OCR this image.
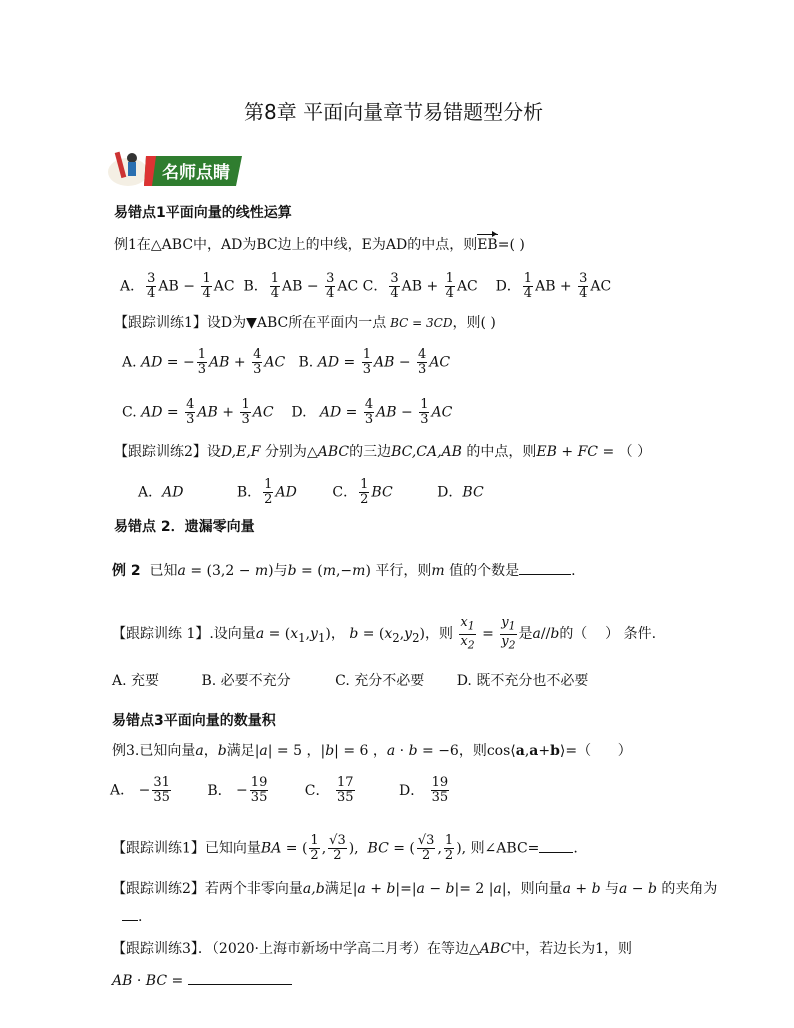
第8章 平面向量章节易错题型分析
名师点睛
易错点1平面向量的线性运算
例1在△ABC中，AD为BC边上的中线，E为AD的中点，则EB=( )
A． $\frac{3}{4}$ AB − $\frac{1}{4}$ AC  B． $\frac{1}{4}$ AB − $\frac{3}{4}$ AC C． $\frac{3}{4}$ AB + $\frac{1}{4}$ AC    D． $\frac{1}{4}$ AB + $\frac{3}{4}$ AC
【跟踪训练1】设D为▼ABC所在平面内一点 BC = 3CD，则( )
A. AD = − $\frac{1}{3}$ AB + $\frac{4}{3}$ AC   B. AD = $\frac{1}{3}$ AB − $\frac{4}{3}$ AC
C. AD = $\frac{4}{3}$ AB + $\frac{1}{3}$ AC    D.   AD = $\frac{4}{3}$ AB − $\frac{1}{3}$ AC
【跟踪训练2】设D,E,F 分别为△ABC的三边BC,CA,AB 的中点，则EB + FC = （ ）
A．AD            B． $\frac{1}{2}$ AD        C． $\frac{1}{2}$ BC          D．BC
易错点 2．遗漏零向量
例 2 已知a = (3,2 − m)与b = (m,−m) 平行，则m 值的个数是	.
【跟踪训练 1】.设向量$a = (x_1,y_1)$， $b = (x_2,y_2)$，则 $\frac{x_1}{x_2} = \frac{y_1}{y_2}$ 是a//b的（    ） 条件.
A. 充要	B. 必要不充分	C. 充分不必要 D. 既不充分也不必要
易错点3平面向量的数量积
例3.已知向量a，b满足|a| = 5 ，|b| = 6 ，a · b = −6，则cos⟨a,a+b⟩=（      ）
A． − $\frac{31}{35}$	B． − $\frac{19}{35}$	C． $\frac{17}{35}$	D． $\frac{19}{35}$
【跟踪训练1】已知向量BA = ( $\frac{1}{2}$ , $\frac{√3}{2}$ ),  BC = ( $\frac{√3}{2}$ , $\frac{1}{2}$ ), 则∠ABC= .
【跟踪训练2】若两个非零向量a,b满足|a + b|=|a − b|= 2 |a|，则向量a + b 与a − b 的夹角为
.
【跟踪训练3】．（2020·上海市新场中学高二月考）在等边△ABC中，若边长为1，则
AB · BC =
